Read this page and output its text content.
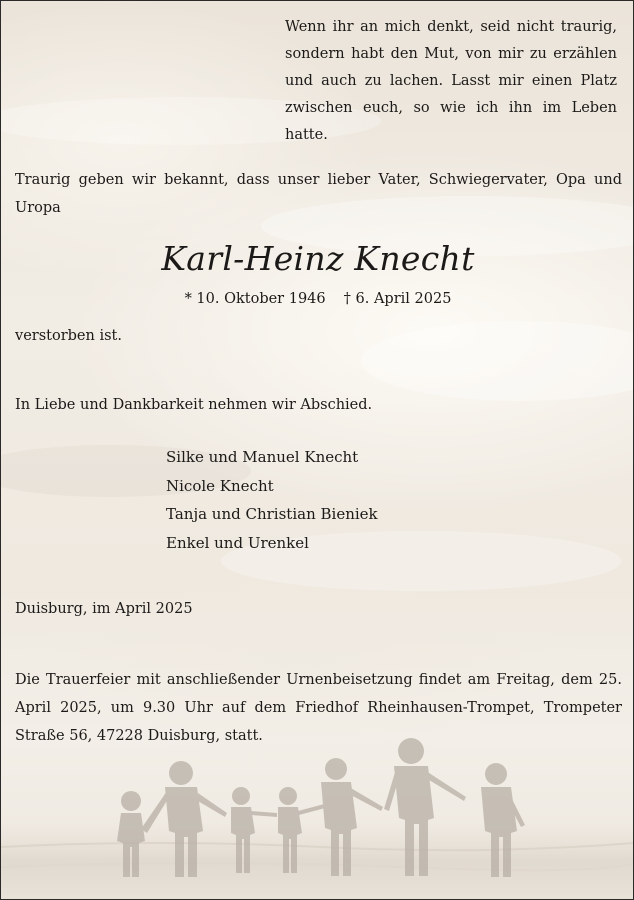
Wenn ihr an mich denkt, seid nicht traurig, sondern habt den Mut, von mir zu erzählen und auch zu lachen. Lasst mir einen Platz zwischen euch, so wie ich ihn im Leben hatte.
Traurig geben wir bekannt, dass unser lieber Vater, Schwiegervater, Opa und Uropa
Karl-Heinz Knecht
* 10. Oktober 1946 † 6. April 2025
verstorben ist.
In Liebe und Dankbarkeit nehmen wir Abschied.
Silke und Manuel Knecht
Nicole Knecht
Tanja und Christian Bieniek
Enkel und Urenkel
Duisburg, im April 2025
Die Trauerfeier mit anschließender Urnenbeisetzung findet am Freitag, dem 25. April 2025, um 9.30 Uhr auf dem Friedhof Rheinhausen-Trompet, Trompeter Straße 56, 47228 Duisburg, statt.
